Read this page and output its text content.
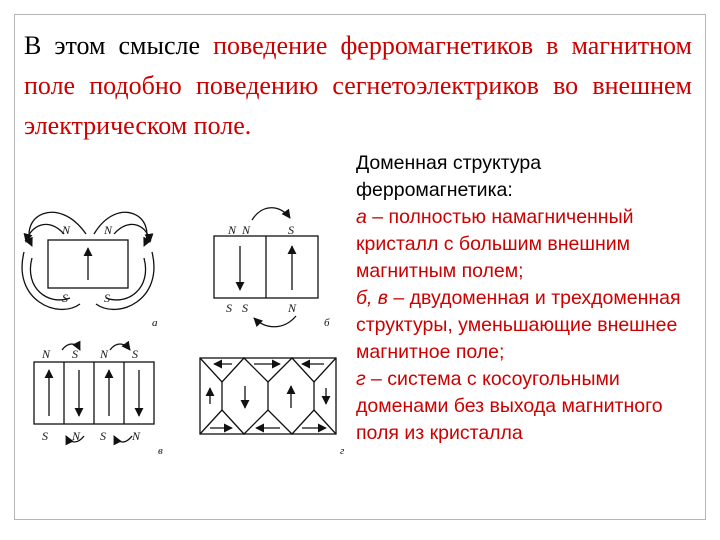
В этом смысле поведение ферромагнетиков в магнитном поле подобно поведению сегнетоэлектриков во внешнем электрическом поле.
N	N
S	S
а
N N	S
S S	N
б
N S N S
S N S N
в	г
Доменная структура
ферромагнетика:
а – полностью намагниченный кристалл с большим внешним магнитным полем;
б, в – двудоменная и трехдоменная структуры, уменьшающие внешнее магнитное поле;
г – система с косоугольными доменами без выхода магнитного поля из кристалла
